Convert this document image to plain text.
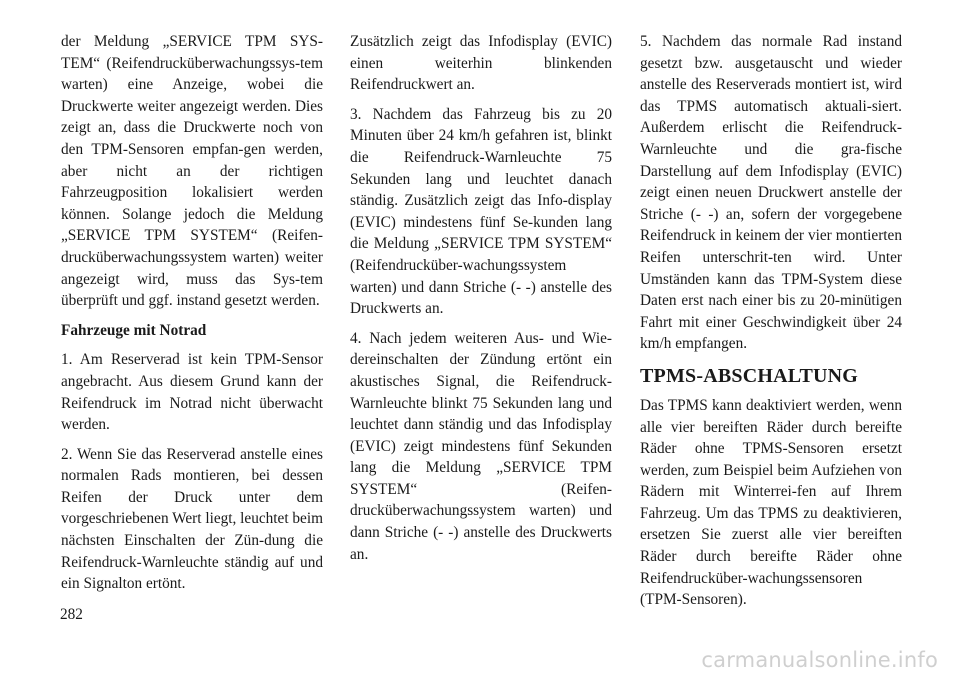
der Meldung „SERVICE TPM SYS-TEM“ (Reifendrucküberwachungssys-tem warten) eine Anzeige, wobei die Druckwerte weiter angezeigt werden. Dies zeigt an, dass die Druckwerte noch von den TPM-Sensoren empfan-gen werden, aber nicht an der richtigen Fahrzeugposition lokalisiert werden können. Solange jedoch die Meldung „SERVICE TPM SYSTEM“ (Reifen-drucküberwachungssystem warten) weiter angezeigt wird, muss das Sys-tem überprüft und ggf. instand gesetzt werden.

Fahrzeuge mit Notrad

1. Am Reserverad ist kein TPM-Sensor angebracht. Aus diesem Grund kann der Reifendruck im Notrad nicht überwacht werden.

2. Wenn Sie das Reserverad anstelle eines normalen Rads montieren, bei dessen Reifen der Druck unter dem vorgeschriebenen Wert liegt, leuchtet beim nächsten Einschalten der Zün-dung die Reifendruck-Warnleuchte ständig auf und ein Signalton ertönt.

Zusätzlich zeigt das Infodisplay (EVIC) einen weiterhin blinkenden Reifendruckwert an.

3. Nachdem das Fahrzeug bis zu 20 Minuten über 24 km/h gefahren ist, blinkt die Reifendruck-Warnleuchte 75 Sekunden lang und leuchtet danach ständig. Zusätzlich zeigt das Info-display (EVIC) mindestens fünf Se-kunden lang die Meldung „SERVICE TPM SYSTEM“ (Reifendrucküber-wachungssystem warten) und dann Striche (- -) anstelle des Druckwerts an.

4. Nach jedem weiteren Aus- und Wie-dereinschalten der Zündung ertönt ein akustisches Signal, die Reifendruck-Warnleuchte blinkt 75 Sekunden lang und leuchtet dann ständig und das Infodisplay (EVIC) zeigt mindestens fünf Sekunden lang die Meldung „SERVICE TPM SYSTEM“ (Reifen-drucküberwachungssystem warten) und dann Striche (- -) anstelle des Druckwerts an.

5. Nachdem das normale Rad instand gesetzt bzw. ausgetauscht und wieder anstelle des Reserverads montiert ist, wird das TPMS automatisch aktuali-siert. Außerdem erlischt die Reifendruck-Warnleuchte und die gra-fische Darstellung auf dem Infodisplay (EVIC) zeigt einen neuen Druckwert anstelle der Striche (- -) an, sofern der vorgegebene Reifendruck in keinem der vier montierten Reifen unterschrit-ten wird. Unter Umständen kann das TPM-System diese Daten erst nach einer bis zu 20-minütigen Fahrt mit einer Geschwindigkeit über 24 km/h empfangen.

TPMS-ABSCHALTUNG

Das TPMS kann deaktiviert werden, wenn alle vier bereiften Räder durch bereifte Räder ohne TPMS-Sensoren ersetzt werden, zum Beispiel beim Aufziehen von Rädern mit Winterrei-fen auf Ihrem Fahrzeug. Um das TPMS zu deaktivieren, ersetzen Sie zuerst alle vier bereiften Räder durch bereifte Räder ohne Reifendrucküber-wachungssensoren (TPM-Sensoren).

282
carmanualsonline.info
